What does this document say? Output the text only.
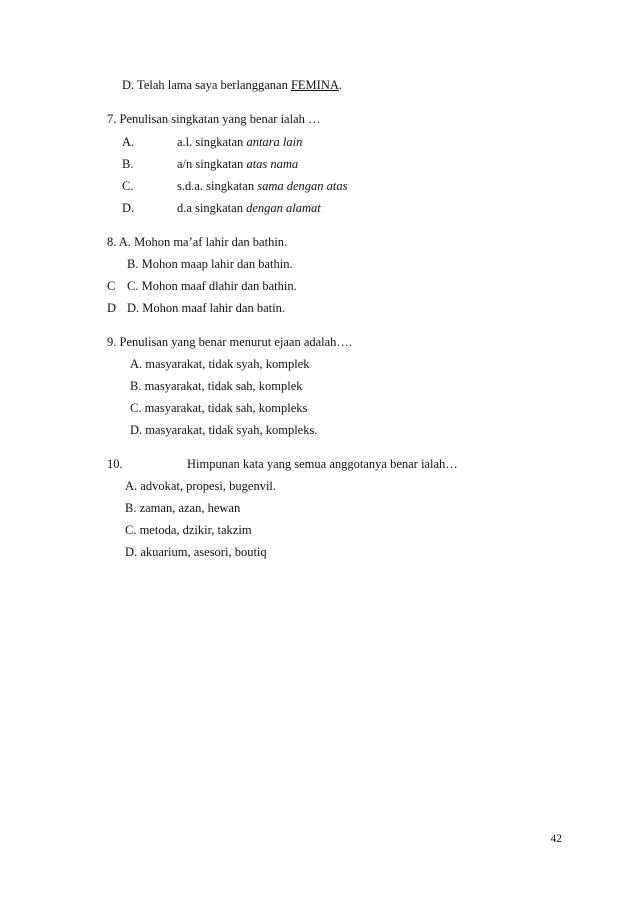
D. Telah lama saya berlangganan FEMINA.
7. Penulisan singkatan yang benar ialah …
A.	a.l. singkatan antara lain
B.	a/n singkatan atas nama
C.	s.d.a. singkatan sama dengan atas
D.	d.a singkatan dengan alamat
8. A. Mohon ma’af lahir dan bathin.
B. Mohon maap lahir dan bathin.
C C. Mohon maaf dlahir dan bathin.
D D. Mohon maaf lahir dan batin.
9. Penulisan yang benar menurut ejaan adalah….
A. masyarakat, tidak syah, komplek
B. masyarakat, tidak sah, komplek
C. masyarakat, tidak sah, kompleks
D. masyarakat, tidak syah, kompleks.
10.	Himpunan kata yang semua anggotanya benar ialah…
A. advokat, propesi, bugenvil.
B. zaman, azan, hewan
C. metoda, dzikir, takzim
D. akuarium, asesori, boutiq
42
